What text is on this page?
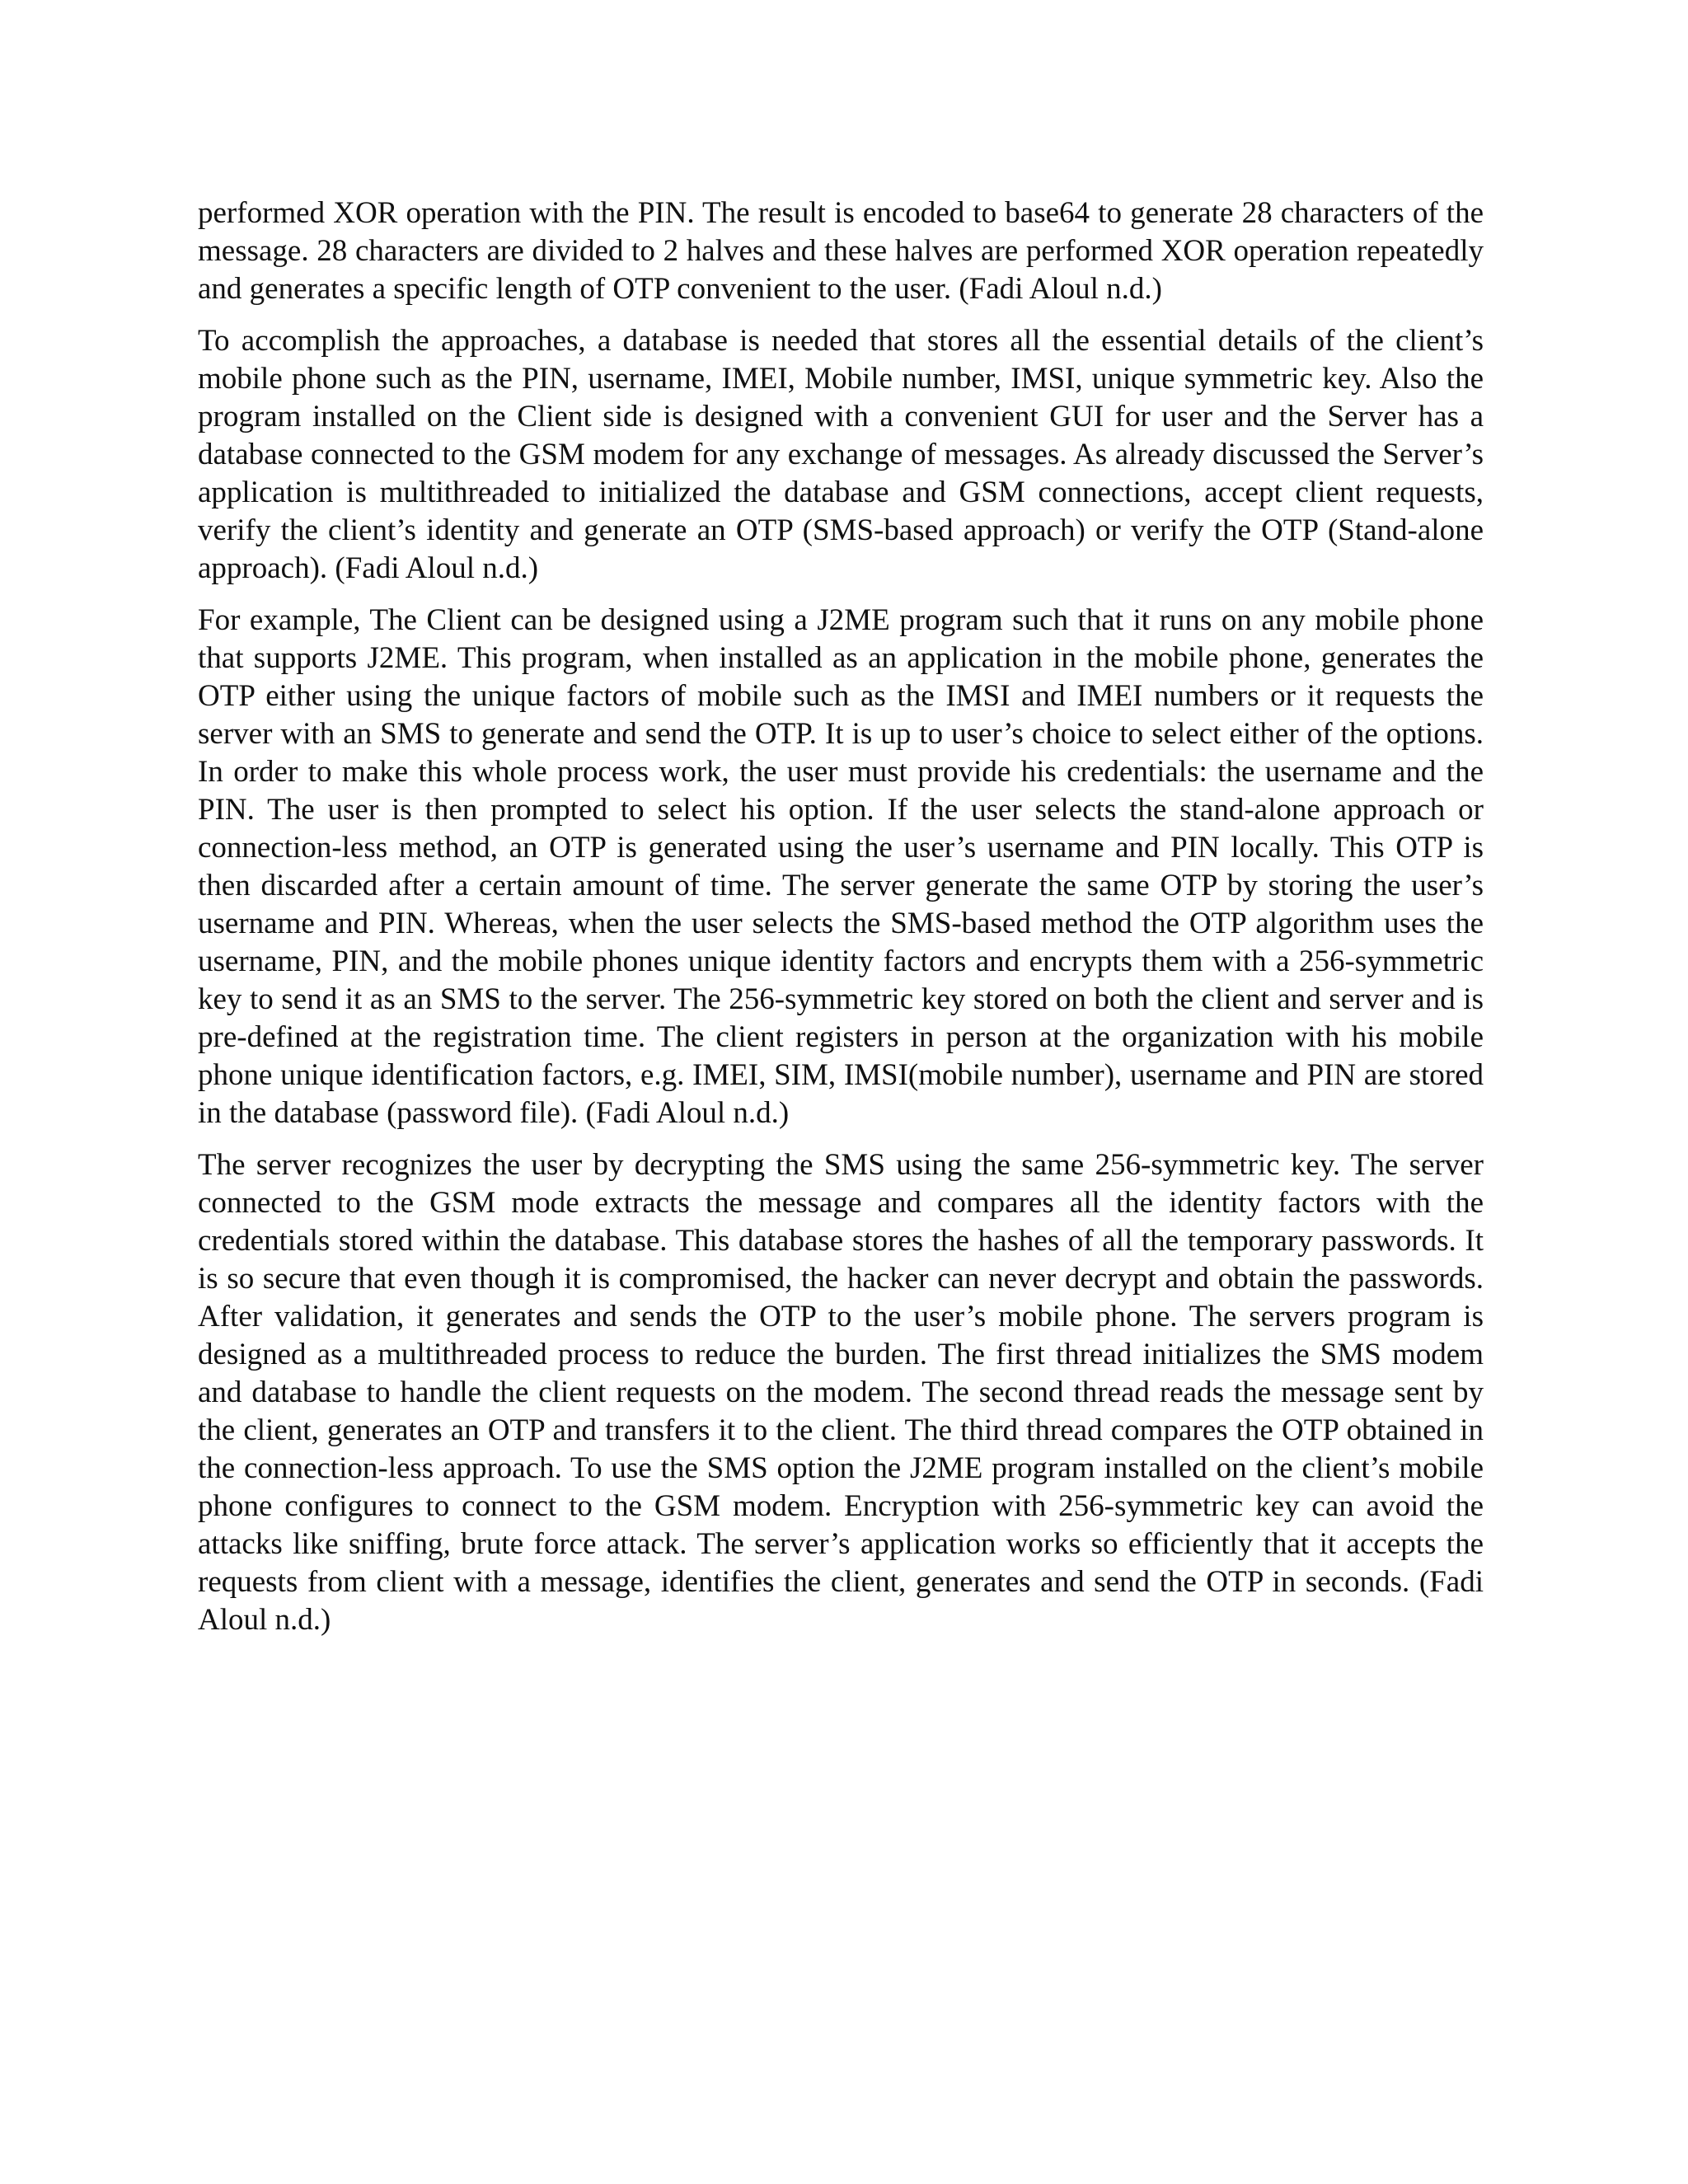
performed XOR operation with the PIN. The result is encoded to base64 to generate 28 characters of the message. 28 characters are divided to 2 halves and these halves are performed XOR operation repeatedly and generates a specific length of OTP convenient to the user. (Fadi Aloul n.d.)

To accomplish the approaches, a database is needed that stores all the essential details of the client’s mobile phone such as the PIN, username, IMEI, Mobile number, IMSI, unique symmetric key. Also the program installed on the Client side is designed with a convenient GUI for user and the Server has a database connected to the GSM modem for any exchange of messages. As already discussed the Server’s application is multithreaded to initialized the database and GSM connections, accept client requests, verify the client’s identity and generate an OTP (SMS-based approach) or verify the OTP (Stand-alone approach). (Fadi Aloul n.d.)

For example, The Client can be designed using a J2ME program such that it runs on any mobile phone that supports J2ME. This program, when installed as an application in the mobile phone, generates the OTP either using the unique factors of mobile such as the IMSI and IMEI numbers or it requests the server with an SMS to generate and send the OTP. It is up to user’s choice to select either of the options. In order to make this whole process work, the user must provide his credentials: the username and the PIN. The user is then prompted to select his option. If the user selects the stand-alone approach or connection-less method, an OTP is generated using the user’s username and PIN locally. This OTP is then discarded after a certain amount of time. The server generate the same OTP by storing the user’s username and PIN. Whereas, when the user selects the SMS-based method the OTP algorithm uses the username, PIN, and the mobile phones unique identity factors and encrypts them with a 256-symmetric key to send it as an SMS to the server. The 256-symmetric key stored on both the client and server and is pre-defined at the registration time. The client registers in person at the organization with his mobile phone unique identification factors, e.g. IMEI, SIM, IMSI(mobile number), username and PIN are stored in the database (password file). (Fadi Aloul n.d.)

The server recognizes the user by decrypting the SMS using the same 256-symmetric key. The server connected to the GSM mode extracts the message and compares all the identity factors with the credentials stored within the database. This database stores the hashes of all the temporary passwords. It is so secure that even though it is compromised, the hacker can never decrypt and obtain the passwords. After validation, it generates and sends the OTP to the user’s mobile phone. The servers program is designed as a multithreaded process to reduce the burden. The first thread initializes the SMS modem and database to handle the client requests on the modem. The second thread reads the message sent by the client, generates an OTP and transfers it to the client. The third thread compares the OTP obtained in the connection-less approach. To use the SMS option the J2ME program installed on the client’s mobile phone configures to connect to the GSM modem. Encryption with 256-symmetric key can avoid the attacks like sniffing, brute force attack. The server’s application works so efficiently that it accepts the requests from client with a message, identifies the client, generates and send the OTP in seconds. (Fadi Aloul n.d.)
